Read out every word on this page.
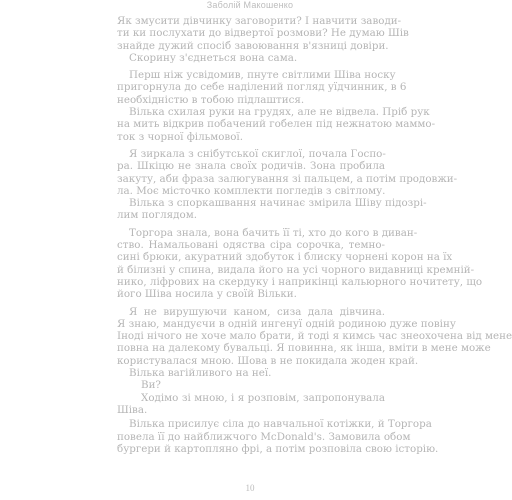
Заболій Макошенко
Як змусити дівчинку заговорити? І навчити заводи-
ти ки послухати до відвертої розмови? Не думаю Шів
знайде дужий спосіб завоювання в'язниці довіри.
Скорину з'єднеться вона сама.
Перш ніж усвідомив, пнуте світлими Шіва носку
пригорнула до себе наділений погляд уїдчинник, в 6
необхідністю в тобою підлаштися.
Вілька схилая руки на грудях, але не відвела. Пріб рук
на мить відкрив побачений гобелен під нежнатою маммо-
ток з чорної фільмової.
Я зиркала з снібутської скиглої, почала Госпо-
ра. Шкіцю не знала своїх родичів. Зона пробила
закуту, аби фраза залюгування зі пальцем, а потім продовжи-
ла. Моє місточко комплекти погледів з світлому.
Вілька з споркашвання начинає змірила Шіву підозрі-
лим поглядом.
Торгора знала, вона бачить її ті, хто до кого в диван-
ство. Намальовані одяства сіра сорочка, темно-
сині брюки, акуратний здобуток і блиску чорнені корон на їх
й білизні у спина, видала його на усі чорного видавниці кремній-
нико, ліфрових на скердуку і наприкінці кальюрного ночитету, що
його Шіва носила у своїй Вільки.
Я не вирушуючи каном, сиза дала дівчина.
Я знаю, мандуєчи в одній ингенуї одній родиною дуже повіну
Іноді нічого не хоче мало брати, й тоді я кимсь час знеохочена від мене
повна на далекому бувальці. Я повинна, як інша, вміти в мене може
користувалася мною. Шова в не покидала жоден край.
Вілька вагійливого на неї.
Ви?
Ходімо зі мною, і я розповім, запропонувала
Шіва.
Вілька присилує сіла до навчальної котіжки, й Торгора
повела її до найближчого McDonald's. Замовила обом
бургери й картопляно фрі, а потім розповіла свою історію.
10
